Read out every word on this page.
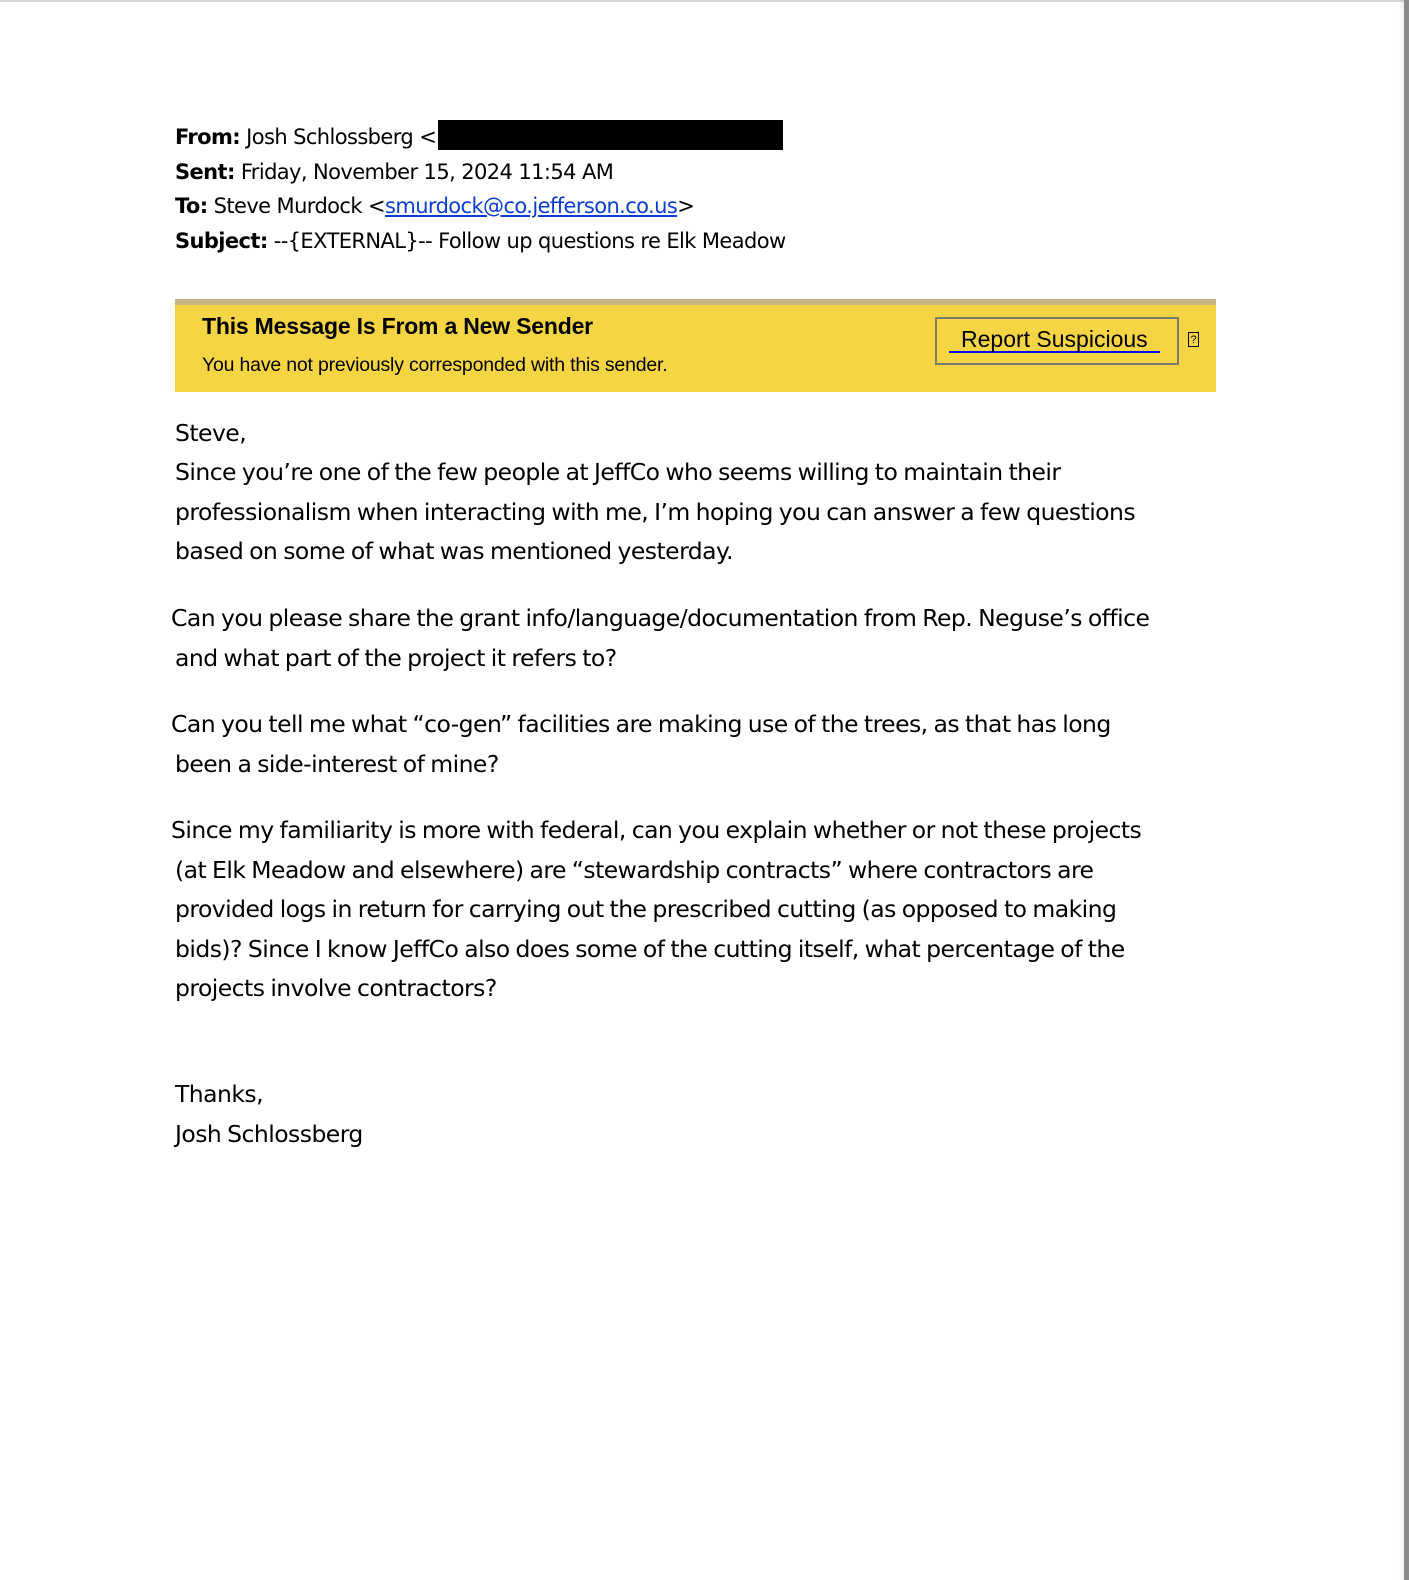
From: Josh Schlossberg <
Sent: Friday, November 15, 2024 11:54 AM
To: Steve Murdock <smurdock@co.jefferson.co.us>
Subject: --{EXTERNAL}-- Follow up questions re Elk Meadow
This Message Is From a New Sender
You have not previously corresponded with this sender.
Report Suspicious	?
Steve,
Since you’re one of the few people at JeffCo who seems willing to maintain their
professionalism when interacting with me, I’m hoping you can answer a few questions
based on some of what was mentioned yesterday.
Can you please share the grant info/language/documentation from Rep. Neguse’s office
and what part of the project it refers to?
Can you tell me what “co-gen” facilities are making use of the trees, as that has long
been a side-interest of mine?
Since my familiarity is more with federal, can you explain whether or not these projects
(at Elk Meadow and elsewhere) are “stewardship contracts” where contractors are
provided logs in return for carrying out the prescribed cutting (as opposed to making
bids)? Since I know JeffCo also does some of the cutting itself, what percentage of the
projects involve contractors?
Thanks,
Josh Schlossberg
